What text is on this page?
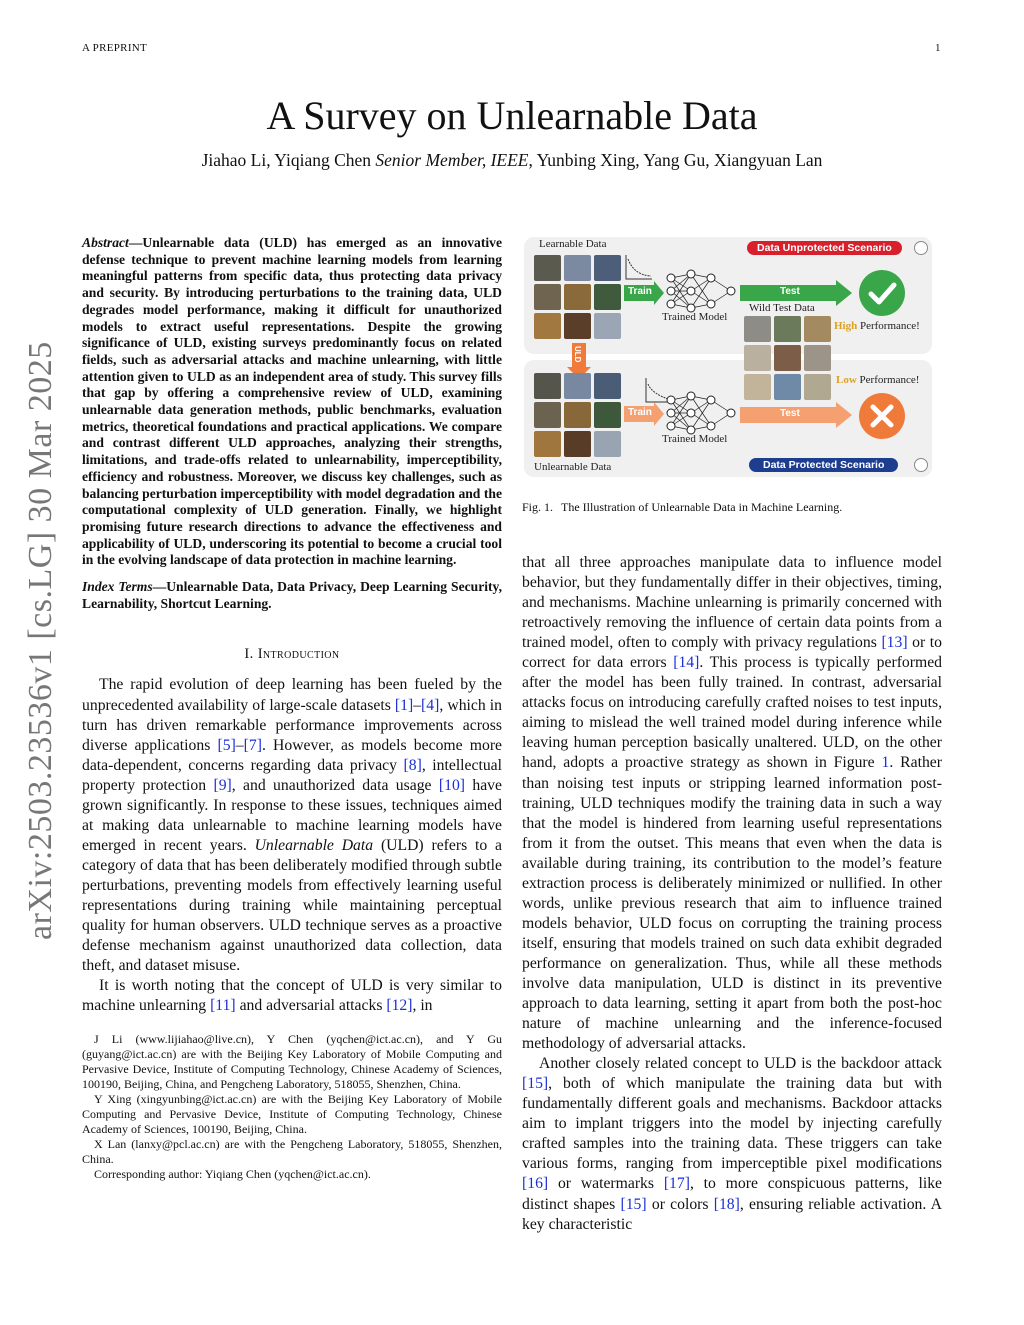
A PREPRINT	1
arXiv:2503.23536v1 [cs.LG] 30 Mar 2025
A Survey on Unlearnable Data
Jiahao Li, Yiqiang Chen Senior Member, IEEE, Yunbing Xing, Yang Gu, Xiangyuan Lan

Abstract—Unlearnable data (ULD) has emerged as an innovative defense technique to prevent machine learning models from learning meaningful patterns from specific data, thus protecting data privacy and security. By introducing perturbations to the training data, ULD degrades model performance, making it difficult for unauthorized models to extract useful representations. Despite the growing significance of ULD, existing surveys predominantly focus on related fields, such as adversarial attacks and machine unlearning, with little attention given to ULD as an independent area of study. This survey fills that gap by offering a comprehensive review of ULD, examining unlearnable data generation methods, public benchmarks, evaluation metrics, theoretical foundations and practical applications. We compare and contrast different ULD approaches, analyzing their strengths, limitations, and trade-offs related to unlearnability, imperceptibility, efficiency and robustness. Moreover, we discuss key challenges, such as balancing perturbation imperceptibility with model degradation and the computational complexity of ULD generation. Finally, we highlight promising future research directions to advance the effectiveness and applicability of ULD, underscoring its potential to become a crucial tool in the evolving landscape of data protection in machine learning.

Index Terms—Unlearnable Data, Data Privacy, Deep Learning Security, Learnability, Shortcut Learning.

I. Introduction

The rapid evolution of deep learning has been fueled by the unprecedented availability of large-scale datasets [1]–[4], which in turn has driven remarkable performance improvements across diverse applications [5]–[7]. However, as models become more data-dependent, concerns regarding data privacy [8], intellectual property protection [9], and unauthorized data usage [10] have grown significantly. In response to these issues, techniques aimed at making data unlearnable to machine learning models have emerged in recent years. Unlearnable Data (ULD) refers to a category of data that has been deliberately modified through subtle perturbations, preventing models from effectively learning useful representations during training while maintaining perceptual quality for human observers. ULD technique serves as a proactive defense mechanism against unauthorized data collection, data theft, and dataset misuse.

It is worth noting that the concept of ULD is very similar to machine unlearning [11] and adversarial attacks [12], in

J Li (www.lijiahao@live.cn), Y Chen (yqchen@ict.ac.cn), and Y Gu (guyang@ict.ac.cn) are with the Beijing Key Laboratory of Mobile Computing and Pervasive Device, Institute of Computing Technology, Chinese Academy of Sciences, 100190, Beijing, China, and Pengcheng Laboratory, 518055, Shenzhen, China.

Y Xing (xingyunbing@ict.ac.cn) are with the Beijing Key Laboratory of Mobile Computing and Pervasive Device, Institute of Computing Technology, Chinese Academy of Sciences, 100190, Beijing, China.

X Lan (lanxy@pcl.ac.cn) are with the Pengcheng Laboratory, 518055, Shenzhen, China.

Corresponding author: Yiqiang Chen (yqchen@ict.ac.cn).

Learnable Data	Data Unprotected Scenario
Train
Trained Model
Test
Wild Test Data
High Performance!
ULD
Unlearnable Data
Train
Trained Model
Test
Low Performance!
Data Protected Scenario
Fig. 1. The Illustration of Unlearnable Data in Machine Learning.

that all three approaches manipulate data to influence model behavior, but they fundamentally differ in their objectives, timing, and mechanisms. Machine unlearning is primarily concerned with retroactively removing the influence of certain data points from a trained model, often to comply with privacy regulations [13] or to correct for data errors [14]. This process is typically performed after the model has been fully trained. In contrast, adversarial attacks focus on introducing carefully crafted noises to test inputs, aiming to mislead the well trained model during inference while leaving human perception basically unaltered. ULD, on the other hand, adopts a proactive strategy as shown in Figure 1. Rather than noising test inputs or stripping learned information post-training, ULD techniques modify the training data in such a way that the model is hindered from learning useful representations from it from the outset. This means that even when the data is available during training, its contribution to the model’s feature extraction process is deliberately minimized or nullified. In other words, unlike previous research that aim to influence trained models behavior, ULD focus on corrupting the training process itself, ensuring that models trained on such data exhibit degraded performance on generalization. Thus, while all these methods involve data manipulation, ULD is distinct in its preventive approach to data learning, setting it apart from both the post-hoc nature of machine unlearning and the inference-focused methodology of adversarial attacks.

Another closely related concept to ULD is the backdoor attack [15], both of which manipulate the training data but with fundamentally different goals and mechanisms. Backdoor attacks aim to implant triggers into the model by injecting carefully crafted samples into the training data. These triggers can take various forms, ranging from imperceptible pixel modifications [16] or watermarks [17], to more conspicuous patterns, like distinct shapes [15] or colors [18], ensuring reliable activation. A key characteristic
